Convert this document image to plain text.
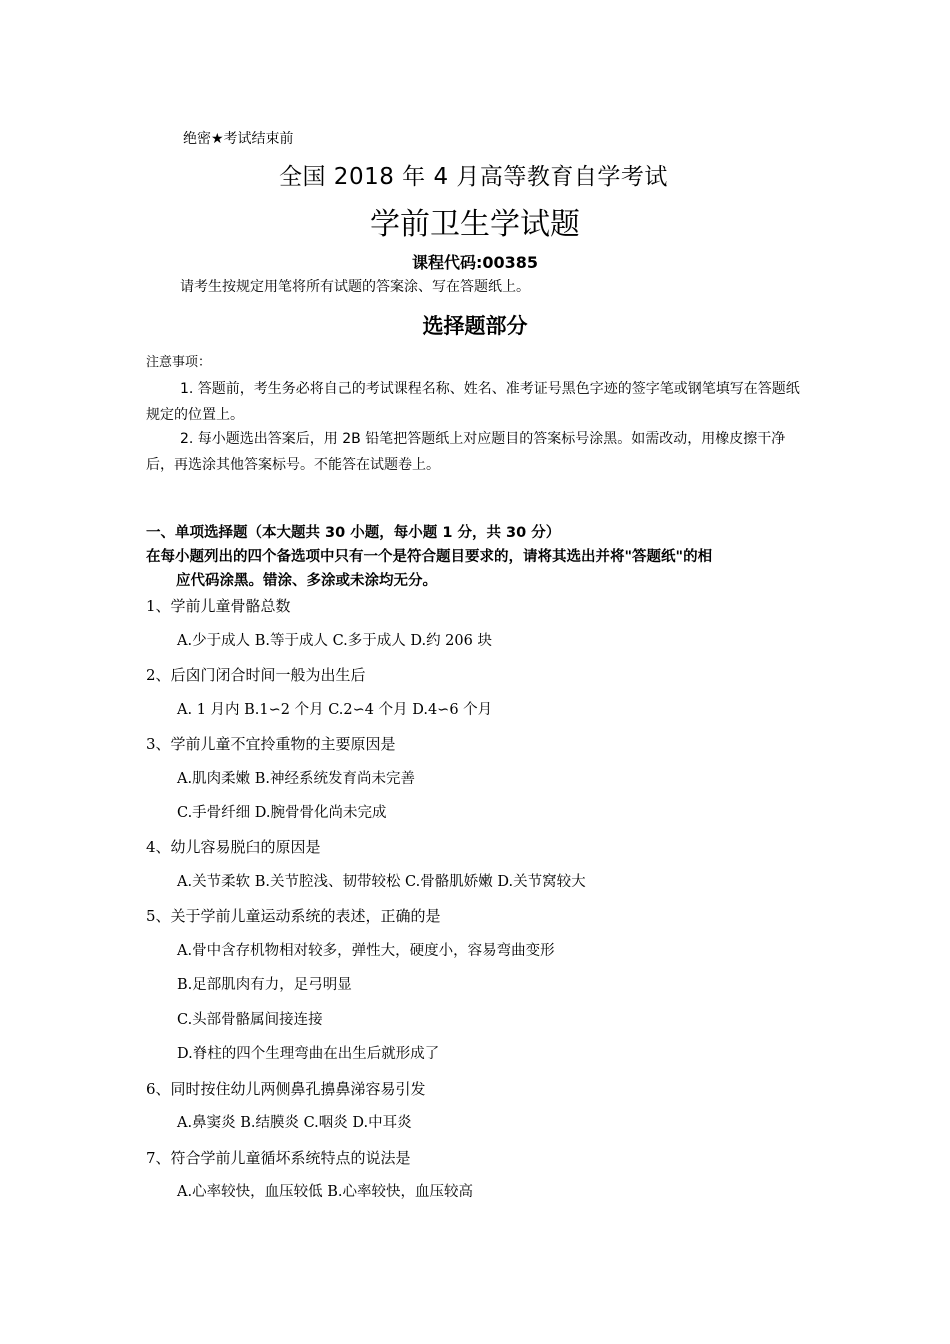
绝密★考试结束前
全国 2018 年 4 月高等教育自学考试
学前卫生学试题
课程代码:00385
请考生按规定用笔将所有试题的答案涂、写在答题纸上。
选择题部分
注意事项：
1. 答题前，考生务必将自己的考试课程名称、姓名、准考证号黑色字迹的签字笔或钢笔填写在答题纸规定的位置上。
2. 每小题选出答案后，用 2B 铅笔把答题纸上对应题目的答案标号涂黑。如需改动，用橡皮擦干净后，再选涂其他答案标号。不能答在试题卷上。
一、单项选择题（本大题共 30 小题，每小题 1 分，共 30 分）
在每小题列出的四个备选项中只有一个是符合题目要求的，请将其选出并将"答题纸"的相
应代码涂黑。错涂、多涂或未涂均无分。
1、学前儿童骨骼总数
A.少于成人 B.等于成人 C.多于成人 D.约 206 块
2、后囟门闭合时间一般为出生后
A. 1 月内 B.1∽2 个月 C.2∽4 个月 D.4∽6 个月
3、学前儿童不宜拎重物的主要原因是
A.肌肉柔嫩 B.神经系统发育尚未完善
C.手骨纤细 D.腕骨骨化尚未完成
4、幼儿容易脱臼的原因是
A.关节柔软 B.关节腔浅、韧带较松 C.骨骼肌娇嫩 D.关节窝较大
5、关于学前儿童运动系统的表述，正确的是
A.骨中含存机物相对较多，弹性大，硬度小，容易弯曲变形
B.足部肌肉有力，足弓明显
C.头部骨骼属间接连接
D.脊柱的四个生理弯曲在出生后就形成了
6、同时按住幼儿两侧鼻孔擤鼻涕容易引发
A.鼻窦炎 B.结膜炎 C.咽炎 D.中耳炎
7、符合学前儿童循坏系统特点的说法是
A.心率较快，血压较低 B.心率较快，血压较高
